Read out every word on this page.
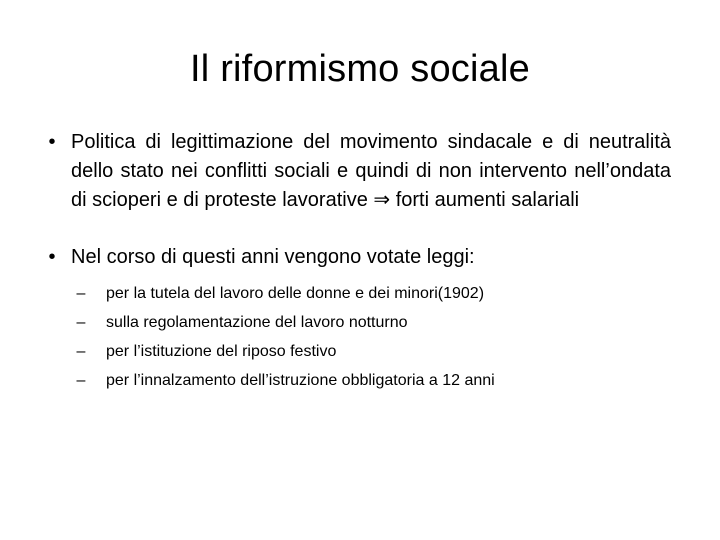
Il riformismo sociale
• Politica di legittimazione del movimento sindacale e di neutralità dello stato nei conflitti sociali e quindi di non intervento nell’ondata di scioperi e di proteste lavorative ⇒ forti aumenti salariali
• Nel corso di questi anni vengono votate leggi:
– per la tutela del lavoro delle donne e dei minori(1902)
– sulla regolamentazione del lavoro notturno
– per l’istituzione del riposo festivo
– per l’innalzamento dell’istruzione obbligatoria a 12 anni
